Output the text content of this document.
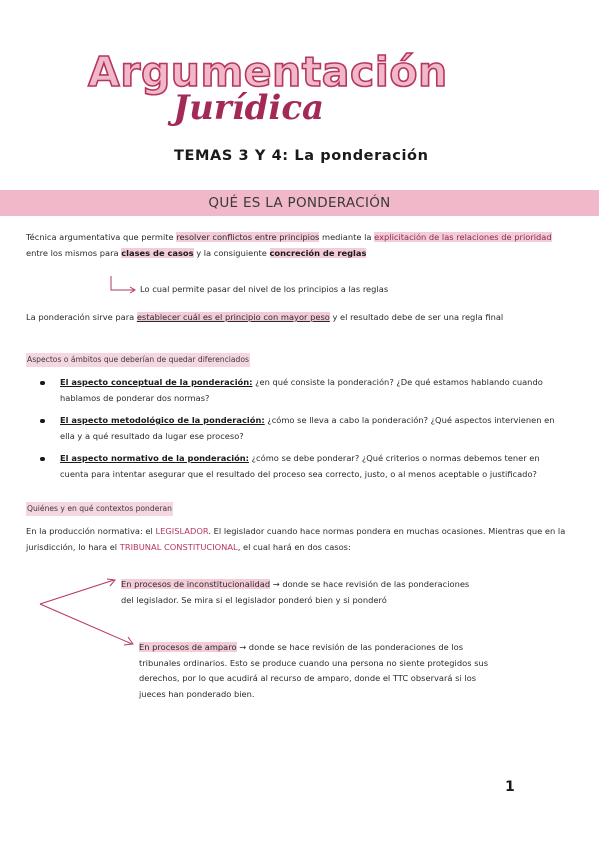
Argumentación
Jurídica
TEMAS 3 Y 4: La ponderación
QUÉ ES LA PONDERACIÓN
Técnica argumentativa que permite resolver conflictos entre principios mediante la explicitación de las relaciones de prioridad entre los mismos para clases de casos y la consiguiente concreción de reglas
Lo cual permite pasar del nivel de los principios a las reglas
La ponderación sirve para establecer cuál es el principio con mayor peso y el resultado debe de ser una regla final
Aspectos o ámbitos que deberían de quedar diferenciados
El aspecto conceptual de la ponderación: ¿en qué consiste la ponderación? ¿De qué estamos hablando cuando hablamos de ponderar dos normas?
El aspecto metodológico de la ponderación: ¿cómo se lleva a cabo la ponderación? ¿Qué aspectos intervienen en ella y a qué resultado da lugar ese proceso?
El aspecto normativo de la ponderación: ¿cómo se debe ponderar? ¿Qué criterios o normas debemos tener en cuenta para intentar asegurar que el resultado del proceso sea correcto, justo, o al menos aceptable o justificado?
Quiénes y en qué contextos ponderan
En la producción normativa: el LEGISLADOR. El legislador cuando hace normas pondera en muchas ocasiones. Mientras que en la jurisdicción, lo hara el TRIBUNAL CONSTITUCIONAL, el cual hará en dos casos:
En procesos de inconstitucionalidad → donde se hace revisión de las ponderaciones del legislador. Se mira si el legislador ponderó bien y si ponderó
En procesos de amparo → donde se hace revisión de las ponderaciones de los tribunales ordinarios. Esto se produce cuando una persona no siente protegidos sus derechos, por lo que acudirá al recurso de amparo, donde el TTC observará si los jueces han ponderado bien.
1
